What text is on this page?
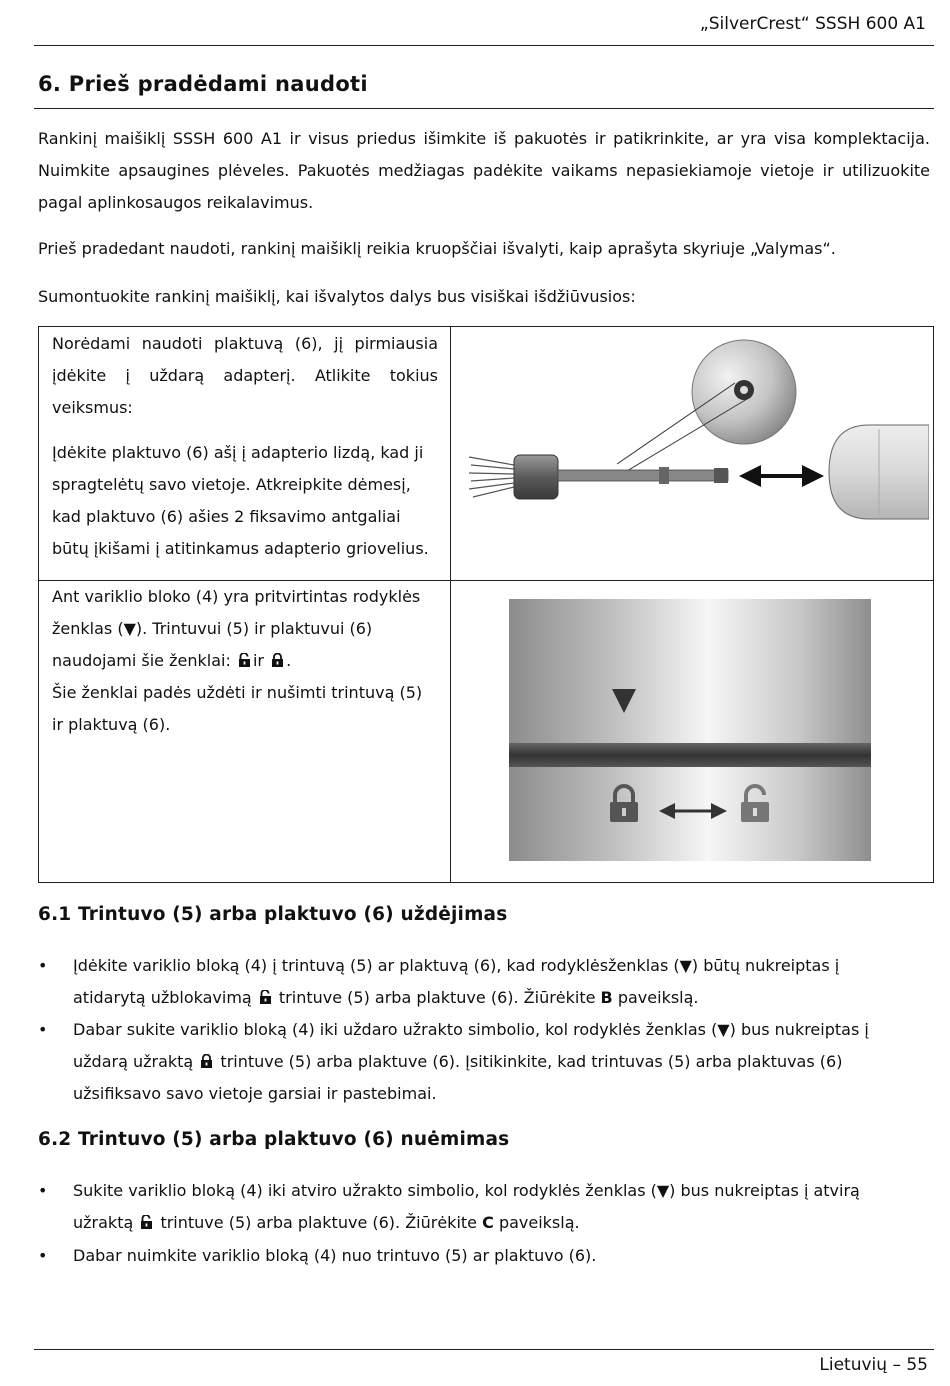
„SilverCrest“ SSSH 600 A1
6. Prieš pradėdami naudoti
Rankinį maišiklį SSSH 600 A1 ir visus priedus išimkite iš pakuotės ir patikrinkite, ar yra visa komplektacija. Nuimkite apsaugines plėveles. Pakuotės medžiagas padėkite vaikams nepasiekiamoje vietoje ir utilizuokite pagal aplinkosaugos reikalavimus.
Prieš pradedant naudoti, rankinį maišiklį reikia kruopščiai išvalyti, kaip aprašyta skyriuje „Valymas“.
Sumontuokite rankinį maišiklį, kai išvalytos dalys bus visiškai išdžiūvusios:
Norėdami naudoti plaktuvą (6), jį pirmiausia įdėkite į uždarą adapterį. Atlikite tokius veiksmus:
Įdėkite plaktuvo (6) ašį į adapterio lizdą, kad ji spragtelėtų savo vietoje. Atkreipkite dėmesį, kad plaktuvo (6) ašies 2 fiksavimo antgaliai būtų įkišami į atitinkamus adapterio griovelius.
Ant variklio bloko (4) yra pritvirtintas rodyklės
ženklas (▼). Trintuvui (5) ir plaktuvui (6)
naudojami šie ženklai: ir .
Šie ženklai padės uždėti ir nušimti trintuvą (5)
ir plaktuvą (6).
6.1 Trintuvo (5) arba plaktuvo (6) uždėjimas
• Įdėkite variklio bloką (4) į trintuvą (5) ar plaktuvą (6), kad rodyklėsženklas (▼) būtų nukreiptas į
atidarytą užblokavimą trintuve (5) arba plaktuve (6). Žiūrėkite B paveikslą.
• Dabar sukite variklio bloką (4) iki uždaro užrakto simbolio, kol rodyklės ženklas (▼) bus nukreiptas į
uždarą užraktą trintuve (5) arba plaktuve (6). Įsitikinkite, kad trintuvas (5) arba plaktuvas (6)
užsifiksavo savo vietoje garsiai ir pastebimai.
6.2 Trintuvo (5) arba plaktuvo (6) nuėmimas
• Sukite variklio bloką (4) iki atviro užrakto simbolio, kol rodyklės ženklas (▼) bus nukreiptas į atvirą
užraktą trintuve (5) arba plaktuve (6). Žiūrėkite C paveikslą.
• Dabar nuimkite variklio bloką (4) nuo trintuvo (5) ar plaktuvo (6).
Lietuvių – 55
